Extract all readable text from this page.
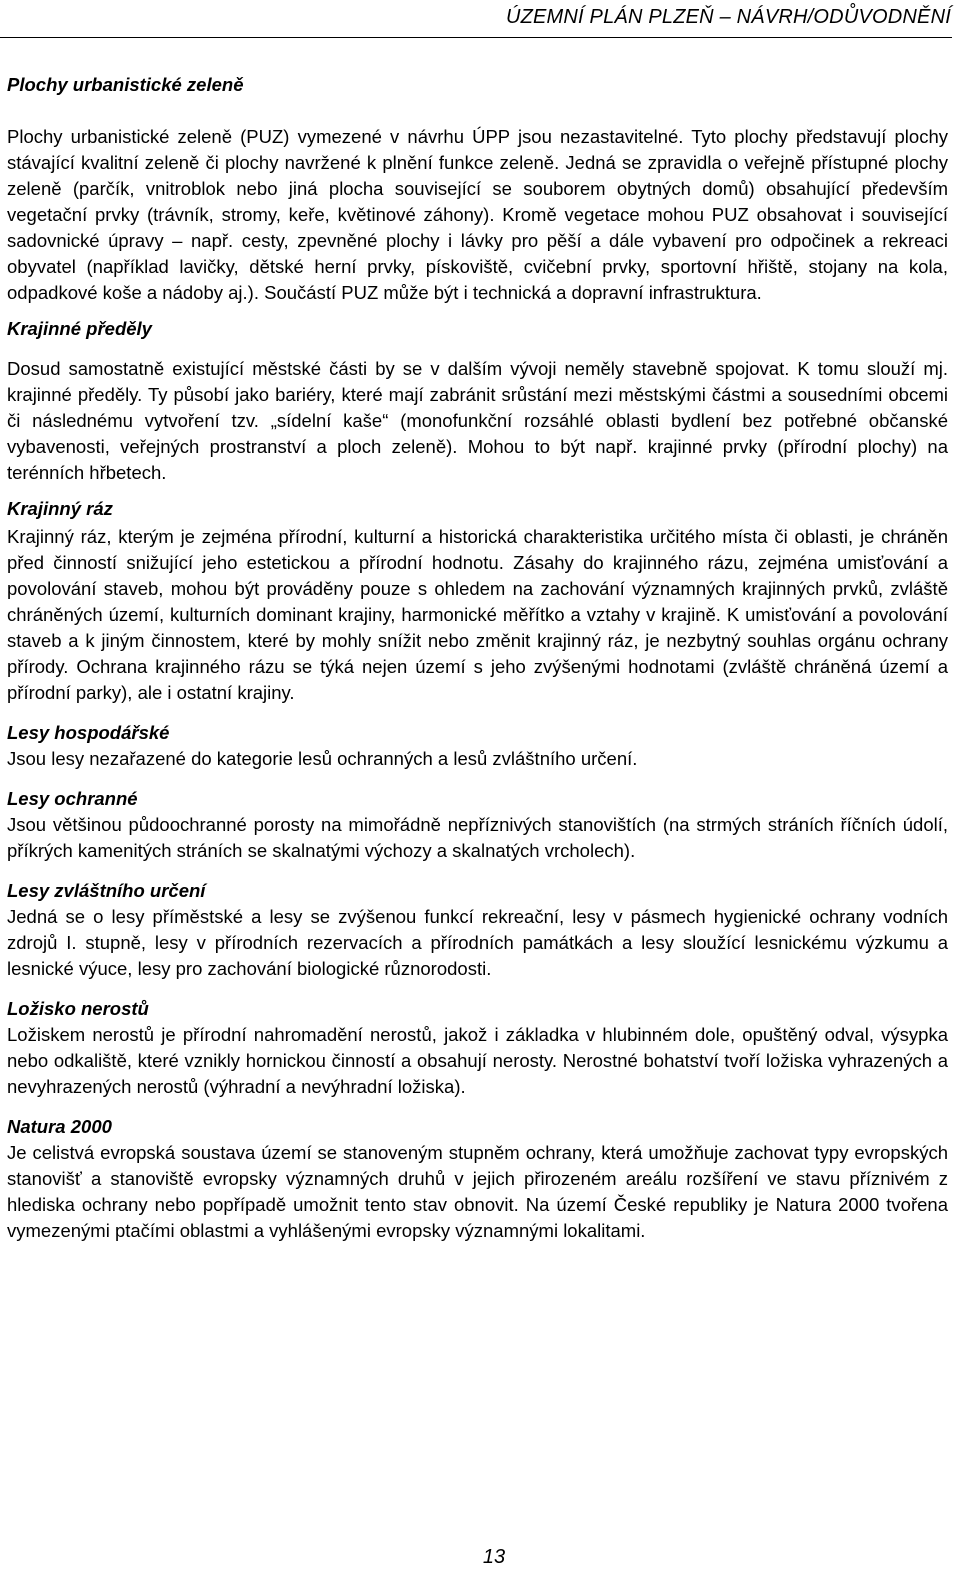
ÚZEMNÍ PLÁN PLZEŇ – NÁVRH/ODŮVODNĚNÍ
Plochy urbanistické zeleně

Plochy urbanistické zeleně (PUZ) vymezené v návrhu ÚPP jsou nezastavitelné. Tyto plochy představují plochy stávající kvalitní zeleně či plochy navržené k plnění funkce zeleně. Jedná se zpravidla o veřejně přístupné plochy zeleně (parčík, vnitroblok nebo jiná plocha související se souborem obytných domů) obsahující především vegetační prvky (trávník, stromy, keře, květinové záhony). Kromě vegetace mohou PUZ obsahovat i související sadovnické úpravy – např. cesty, zpevněné plochy i lávky pro pěší a dále vybavení pro odpočinek a rekreaci obyvatel (například lavičky, dětské herní prvky, pískoviště, cvičební prvky, sportovní hřiště, stojany na kola, odpadkové koše a nádoby aj.). Součástí PUZ může být i technická a dopravní infrastruktura.

Krajinné předěly

Dosud samostatně existující městské části by se v dalším vývoji neměly stavebně spojovat. K tomu slouží mj. krajinné předěly. Ty působí jako bariéry, které mají zabránit srůstání mezi městskými částmi a sousedními obcemi či následnému vytvoření tzv. „sídelní kaše“ (monofunkční rozsáhlé oblasti bydlení bez potřebné občanské vybavenosti, veřejných prostranství a ploch zeleně). Mohou to být např. krajinné prvky (přírodní plochy) na terénních hřbetech.

Krajinný ráz

Krajinný ráz, kterým je zejména přírodní, kulturní a historická charakteristika určitého místa či oblasti, je chráněn před činností snižující jeho estetickou a přírodní hodnotu. Zásahy do krajinného rázu, zejména umisťování a povolování staveb, mohou být prováděny pouze s ohledem na zachování významných krajinných prvků, zvláště chráněných území, kulturních dominant krajiny, harmonické měřítko a vztahy v krajině. K umisťování a povolování staveb a k jiným činnostem, které by mohly snížit nebo změnit krajinný ráz, je nezbytný souhlas orgánu ochrany přírody. Ochrana krajinného rázu se týká nejen území s jeho zvýšenými hodnotami (zvláště chráněná území a přírodní parky), ale i ostatní krajiny.

Lesy hospodářské

Jsou lesy nezařazené do kategorie lesů ochranných a lesů zvláštního určení.

Lesy ochranné

Jsou většinou půdoochranné porosty na mimořádně nepříznivých stanovištích (na strmých stráních říčních údolí, příkrých kamenitých stráních se skalnatými výchozy a skalnatých vrcholech).

Lesy zvláštního určení

Jedná se o lesy příměstské a lesy se zvýšenou funkcí rekreační, lesy v pásmech hygienické ochrany vodních zdrojů I. stupně, lesy v přírodních rezervacích a přírodních památkách a lesy sloužící lesnickému výzkumu a lesnické výuce, lesy pro zachování biologické různorodosti.

Ložisko nerostů

Ložiskem nerostů je přírodní nahromadění nerostů, jakož i základka v hlubinném dole, opuštěný odval, výsypka nebo odkaliště, které vznikly hornickou činností a obsahují nerosty. Nerostné bohatství tvoří ložiska vyhrazených a nevyhrazených nerostů (výhradní a nevýhradní ložiska).

Natura 2000

Je celistvá evropská soustava území se stanoveným stupněm ochrany, která umožňuje zachovat typy evropských stanovišť a stanoviště evropsky významných druhů v jejich přirozeném areálu rozšíření ve stavu příznivém z hlediska ochrany nebo popřípadě umožnit tento stav obnovit. Na území České republiky je Natura 2000 tvořena vymezenými ptačími oblastmi a vyhlášenými evropsky významnými lokalitami.

13
